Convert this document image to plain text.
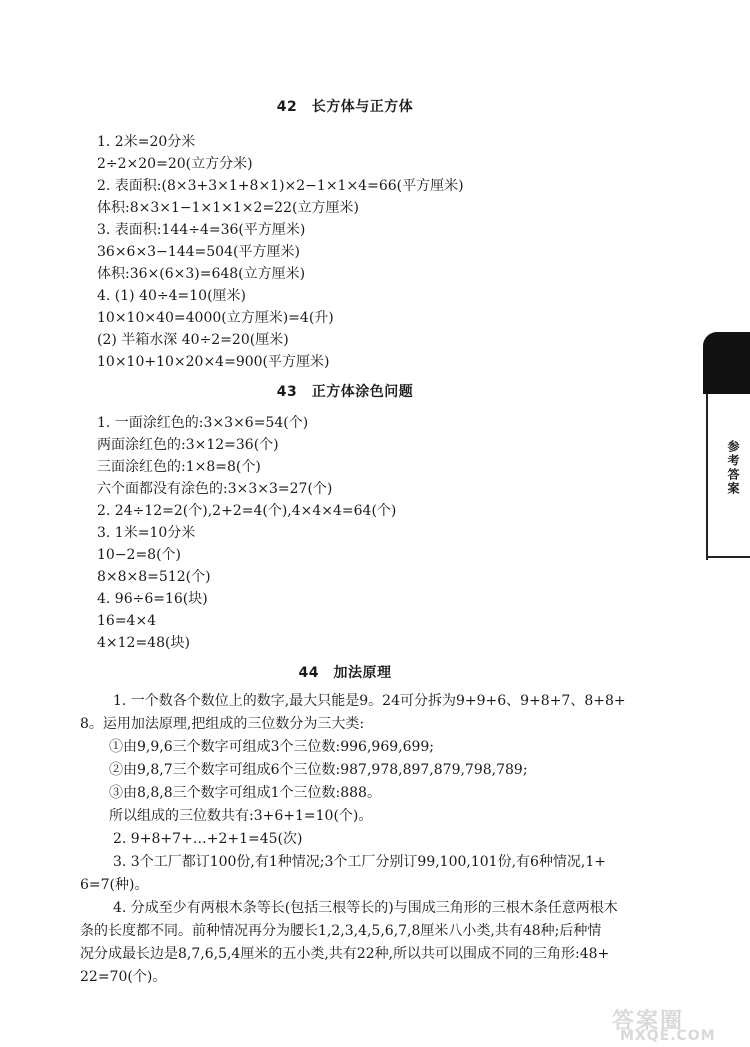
42　长方体与正方体
1. 2米=20分米
2÷2×20=20(立方分米)
2. 表面积:(8×3+3×1+8×1)×2−1×1×4=66(平方厘米)
体积:8×3×1−1×1×1×2=22(立方厘米)
3. 表面积:144÷4=36(平方厘米)
36×6×3−144=504(平方厘米)
体积:36×(6×3)=648(立方厘米)
4. (1) 40÷4=10(厘米)
10×10×40=4000(立方厘米)=4(升)
(2) 半箱水深 40÷2=20(厘米)
10×10+10×20×4=900(平方厘米)
43　正方体涂色问题
1. 一面涂红色的:3×3×6=54(个)
两面涂红色的:3×12=36(个)
三面涂红色的:1×8=8(个)
六个面都没有涂色的:3×3×3=27(个)
2. 24÷12=2(个),2+2=4(个),4×4×4=64(个)
3. 1米=10分米
10−2=8(个)
8×8×8=512(个)
4. 96÷6=16(块)
16=4×4
4×12=48(块)
44　加法原理
1. 一个数各个数位上的数字,最大只能是9。24可分拆为9+9+6、9+8+7、8+8+
8。运用加法原理,把组成的三位数分为三大类:
①由9,9,6三个数字可组成3个三位数:996,969,699;
②由9,8,7三个数字可组成6个三位数:987,978,897,879,798,789;
③由8,8,8三个数字可组成1个三位数:888。
所以组成的三位数共有:3+6+1=10(个)。
2. 9+8+7+…+2+1=45(次)
3. 3个工厂都订100份,有1种情况;3个工厂分别订99,100,101份,有6种情况,1+
6=7(种)。
4. 分成至少有两根木条等长(包括三根等长的)与围成三角形的三根木条任意两根木
条的长度都不同。前种情况再分为腰长1,2,3,4,5,6,7,8厘米八小类,共有48种;后种情
况分成最长边是8,7,6,5,4厘米的五小类,共有22种,所以共可以围成不同的三角形:48+
22=70(个)。
参考答案
答案圈
MXQE.COM
